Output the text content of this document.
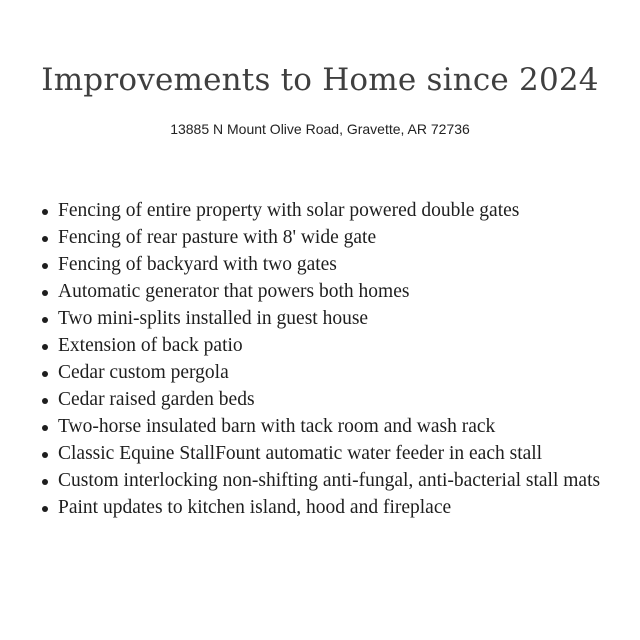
Improvements to Home since 2024
13885 N Mount Olive Road, Gravette, AR 72736
Fencing of entire property with solar powered double gates
Fencing of rear pasture with 8' wide gate
Fencing of backyard with two gates
Automatic generator that powers both homes
Two mini-splits installed in guest house
Extension of back patio
Cedar custom pergola
Cedar raised garden beds
Two-horse insulated barn with tack room and wash rack
Classic Equine StallFount automatic water feeder in each stall
Custom interlocking non-shifting anti-fungal, anti-bacterial stall mats
Paint updates to kitchen island, hood and fireplace
